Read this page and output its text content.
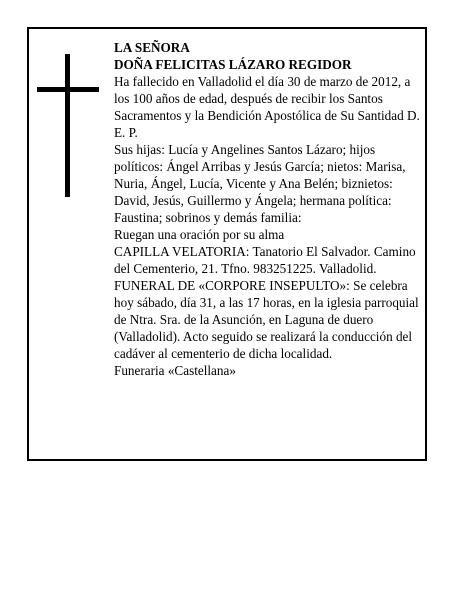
LA SEÑORA

DOÑA FELICITAS LÁZARO REGIDOR

Ha fallecido en Valladolid el día 30 de marzo de 2012, a los 100 años de edad, después de recibir los Santos Sacramentos y la Bendición Apostólica de Su Santidad D. E. P.

Sus hijas: Lucía y Angelines Santos Lázaro; hijos políticos: Ángel Arribas y Jesús García; nietos: Marisa, Nuria, Ángel, Lucía, Vicente y Ana Belén; biznietos: David, Jesús, Guillermo y Ángela; hermana política: Faustina; sobrinos y demás familia:

Ruegan una oración por su alma

CAPILLA VELATORIA: Tanatorio El Salvador. Camino del Cementerio, 21. Tfno. 983251225. Valladolid.

FUNERAL DE «CORPORE INSEPULTO»: Se celebra hoy sábado, día 31, a las 17 horas, en la iglesia parroquial de Ntra. Sra. de la Asunción, en Laguna de duero (Valladolid). Acto seguido se realizará la conducción del cadáver al cementerio de dicha localidad.

Funeraria «Castellana»
